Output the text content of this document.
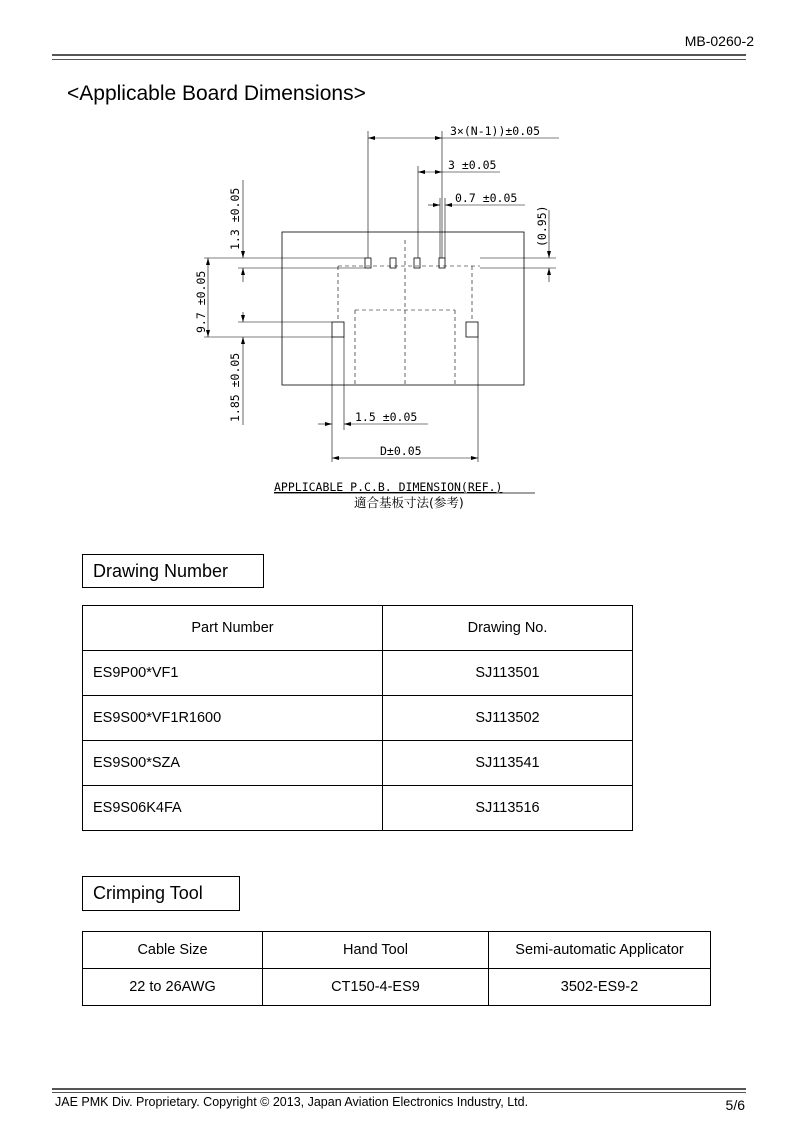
MB-0260-2
<Applicable Board Dimensions>
3×(N-1))±0.05
3 ±0.05
0.7 ±0.05
(0.95)
1.3 ±0.05
9.7 ±0.05
1.85 ±0.05	1.5 ±0.05
D±0.05
APPLICABLE P.C.B. DIMENSION(REF.)
適合基板寸法(参考)
Drawing Number
Part Number	Drawing No.
ES9P00*VF1	SJ113501
ES9S00*VF1R1600	SJ113502
ES9S00*SZA	SJ113541
ES9S06K4FA	SJ113516
Crimping Tool
Cable Size	Hand Tool	Semi-automatic Applicator
22 to 26AWG	CT150-4-ES9	3502-ES9-2
JAE PMK Div. Proprietary. Copyright © 2013, Japan Aviation Electronics Industry, Ltd.	5/6
